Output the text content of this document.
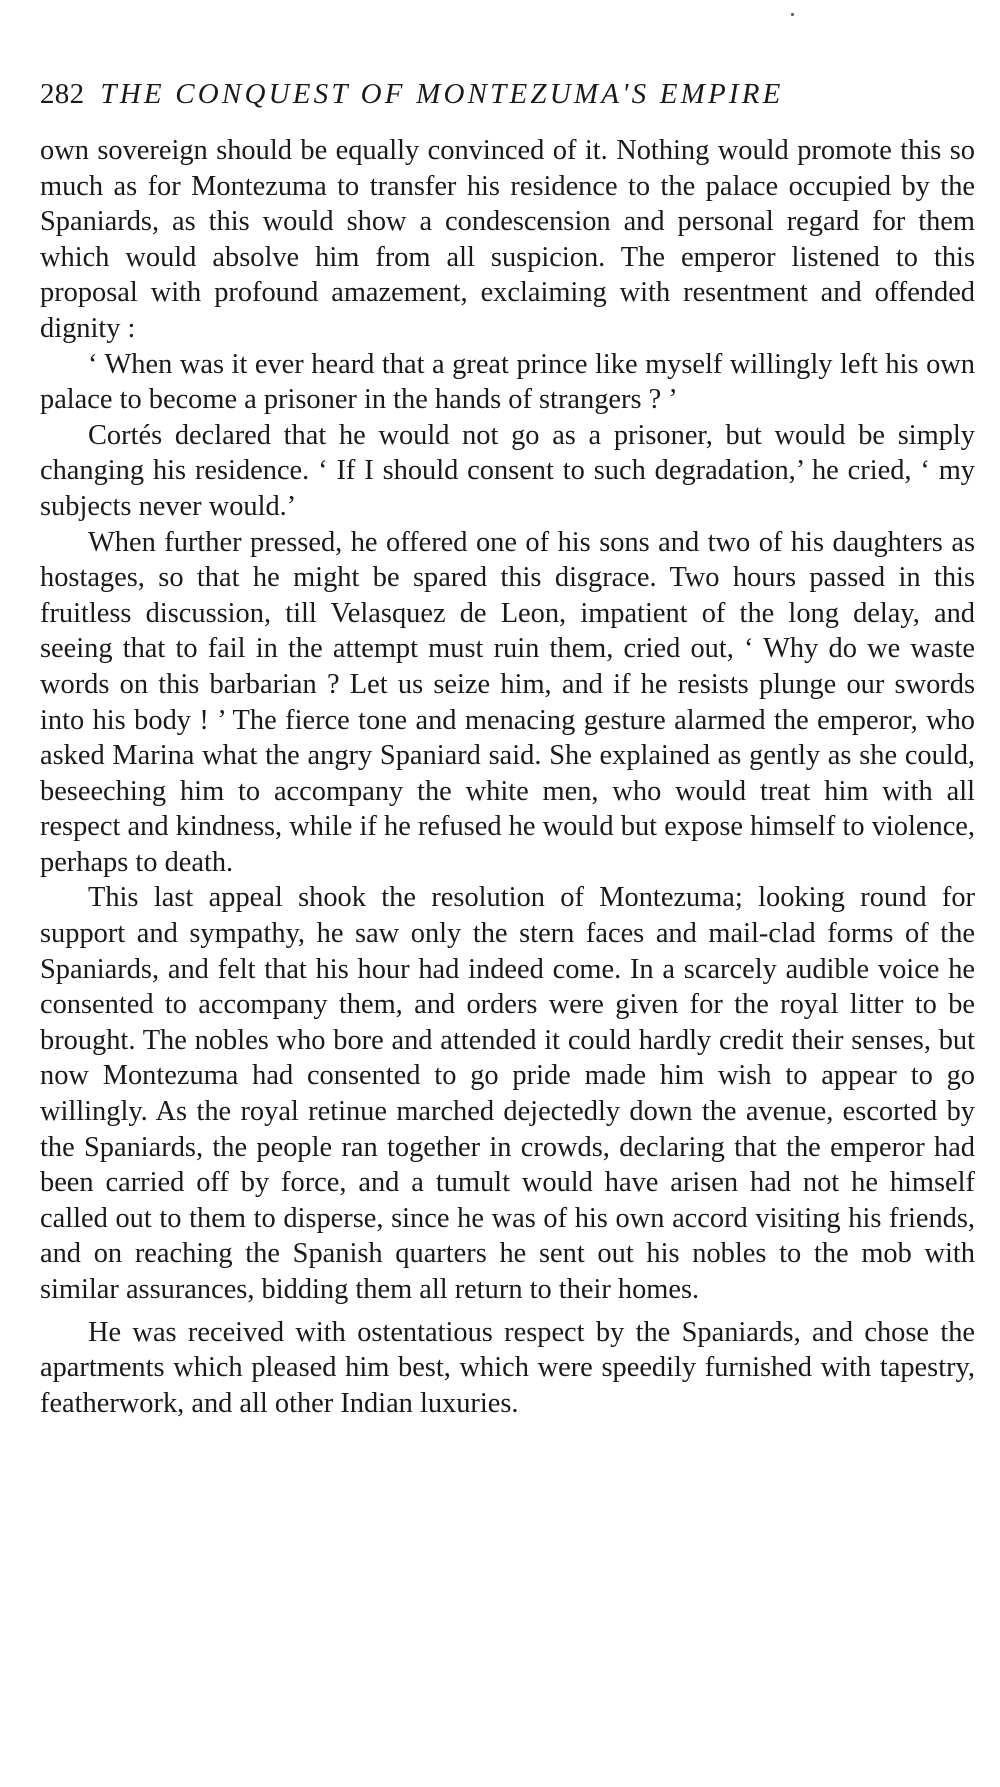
282 THE CONQUEST OF MONTEZUMA'S EMPIRE

own sovereign should be equally convinced of it. Nothing would promote this so much as for Montezuma to transfer his residence to the palace occupied by the Spaniards, as this would show a condescension and personal regard for them which would absolve him from all suspicion. The emperor listened to this proposal with profound amazement, exclaiming with resentment and offended dignity :

‘ When was it ever heard that a great prince like myself willingly left his own palace to become a prisoner in the hands of strangers ? ’

Cortés declared that he would not go as a prisoner, but would be simply changing his residence. ‘ If I should consent to such degradation,’ he cried, ‘ my subjects never would.’

When further pressed, he offered one of his sons and two of his daughters as hostages, so that he might be spared this disgrace. Two hours passed in this fruitless discussion, till Velasquez de Leon, impatient of the long delay, and seeing that to fail in the attempt must ruin them, cried out, ‘ Why do we waste words on this barbarian ? Let us seize him, and if he resists plunge our swords into his body ! ’ The fierce tone and menacing gesture alarmed the emperor, who asked Marina what the angry Spaniard said. She explained as gently as she could, beseeching him to accompany the white men, who would treat him with all respect and kindness, while if he refused he would but expose himself to violence, perhaps to death.

This last appeal shook the resolution of Montezuma; looking round for support and sympathy, he saw only the stern faces and mail-clad forms of the Spaniards, and felt that his hour had indeed come. In a scarcely audible voice he consented to accompany them, and orders were given for the royal litter to be brought. The nobles who bore and attended it could hardly credit their senses, but now Montezuma had consented to go pride made him wish to appear to go willingly. As the royal retinue marched dejectedly down the avenue, escorted by the Spaniards, the people ran together in crowds, declaring that the emperor had been carried off by force, and a tumult would have arisen had not he himself called out to them to disperse, since he was of his own accord visiting his friends, and on reaching the Spanish quarters he sent out his nobles to the mob with similar assurances, bidding them all return to their homes.

He was received with ostentatious respect by the Spaniards, and chose the apartments which pleased him best, which were speedily furnished with tapestry, featherwork, and all other Indian luxuries.
